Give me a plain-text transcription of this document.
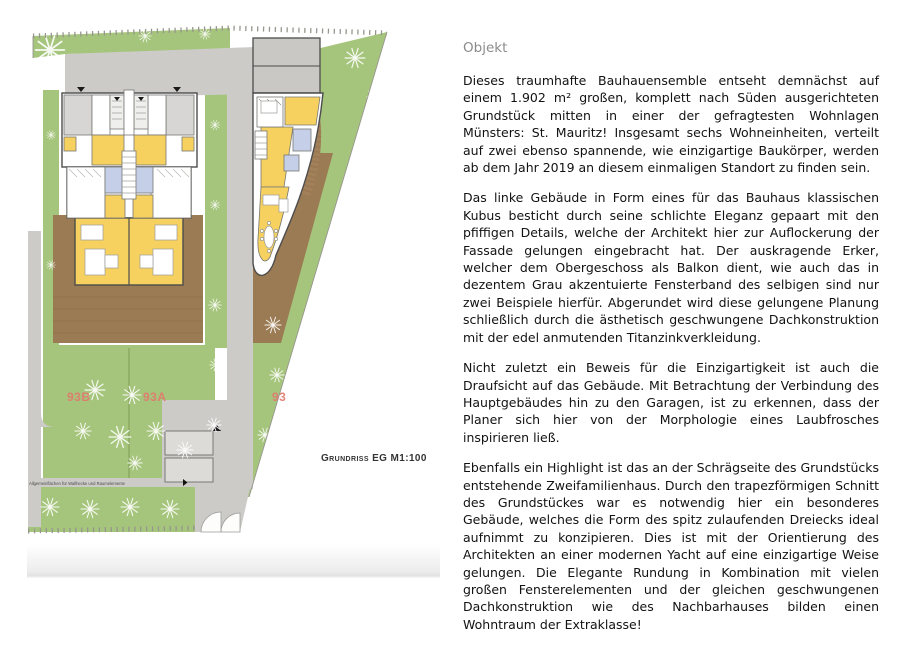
Allgemeinflächen für Wallhecke und Raumelemente
93B	93A	93
Grundriss EG M1:100
Objekt

Dieses traumhafte Bauhauensemble entseht demnächst auf einem 1.902 m² großen, komplett nach Süden ausgerichteten Grundstück mitten in einer der gefragtesten Wohnlagen Münsters: St. Mauritz! Insgesamt sechs Wohneinheiten, verteilt auf zwei ebenso spannende, wie einzigartige Baukörper, werden ab dem Jahr 2019 an diesem einmaligen Standort zu finden sein.

Das linke Gebäude in Form eines für das Bauhaus klassischen Kubus besticht durch seine schlichte Eleganz gepaart mit den pfiffigen Details, welche der Architekt hier zur Auflockerung der Fassade gelungen eingebracht hat. Der auskragende Erker, welcher dem Obergeschoss als Balkon dient, wie auch das in dezentem Grau akzentuierte Fensterband des selbigen sind nur zwei Beispiele hierfür. Abgerundet wird diese gelungene Planung schließlich durch die ästhetisch geschwungene Dachkonstruktion mit der edel anmutenden Titanzinkverkleidung.

Nicht zuletzt ein Beweis für die Einzigartigkeit ist auch die Draufsicht auf das Gebäude. Mit Betrachtung der Verbindung des Hauptgebäudes hin zu den Garagen, ist zu erkennen, dass der Planer sich hier von der Morphologie eines Laubfrosches inspirieren ließ.

Ebenfalls ein Highlight ist das an der Schrägseite des Grundstücks entstehende Zweifamilienhaus. Durch den trapezförmigen Schnitt des Grundstückes war es notwendig hier ein besonderes Gebäude, welches die Form des spitz zulaufenden Dreiecks ideal aufnimmt zu konzipieren. Dies ist mit der Orientierung des Architekten an einer modernen Yacht auf eine einzigartige Weise gelungen. Die Elegante Rundung in Kombination mit vielen großen Fensterelementen und der gleichen geschwungenen Dachkonstruktion wie des Nachbarhauses bilden einen Wohntraum der Extraklasse!
